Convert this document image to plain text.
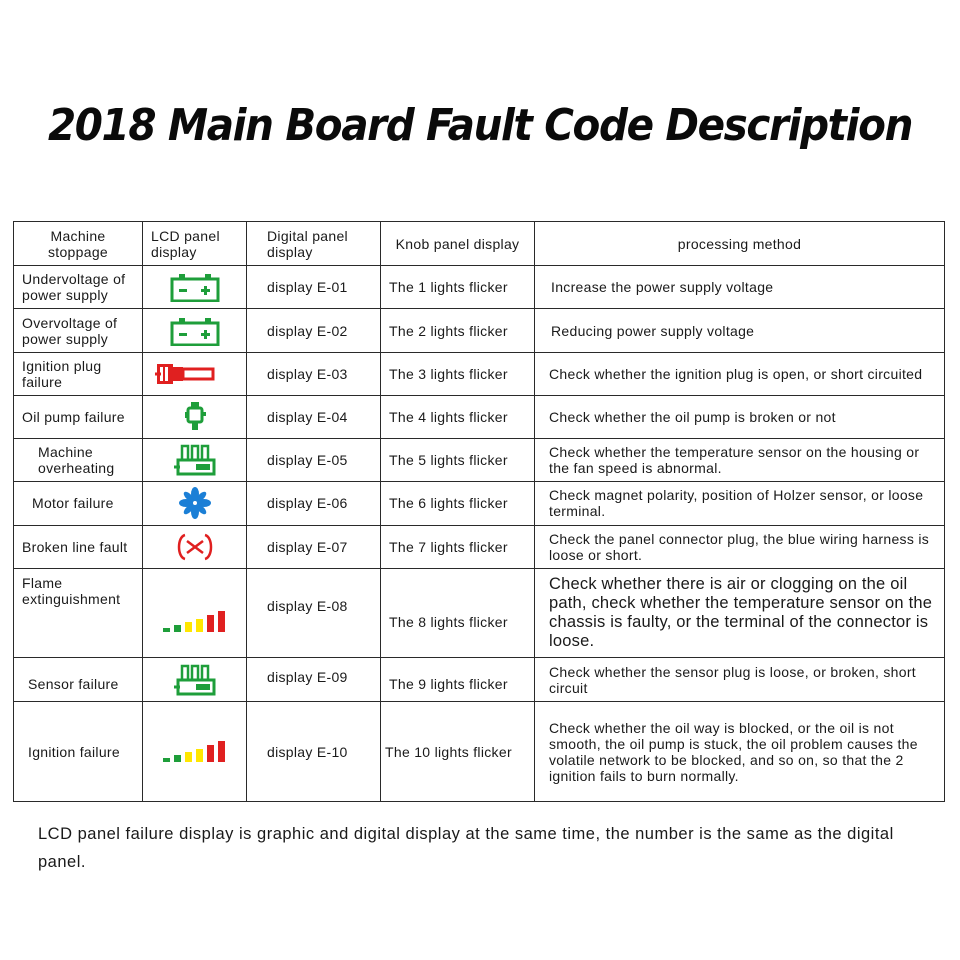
2018 Main Board Fault Code Description
Machine stoppage	LCD panel display	Digital panel display	Knob panel display	processing method
Undervoltage of power supply		display E-01	The 1 lights flicker	Increase the power supply voltage
Overvoltage of power supply		display E-02	The 2 lights flicker	Reducing power supply voltage
Ignition plug failure		display E-03	The 3 lights flicker	Check whether the ignition plug is open, or short circuited
Oil pump failure		display E-04	The 4 lights flicker	Check whether the oil pump is broken or not
Machine overheating		display E-05	The 5 lights flicker	Check whether the temperature sensor on the housing or the fan speed is abnormal.
Motor failure		display E-06	The 6 lights flicker	Check magnet polarity, position of Holzer sensor, or loose terminal.
Broken line fault		display E-07	The 7 lights flicker	Check the panel connector plug, the blue wiring harness is loose or short.
Flame extinguishment		display E-08	The 8 lights flicker	Check whether there is air or clogging on the oil path, check whether the temperature sensor on the chassis is faulty, or the terminal of the connector is loose.
Sensor failure		display E-09	The 9 lights flicker	Check whether the sensor plug is loose, or broken, short circuit
Ignition failure		display E-10	The 10 lights flicker	Check whether the oil way is blocked, or the oil is not smooth, the oil pump is stuck, the oil problem causes the volatile network to be blocked, and so on, so that the 2 ignition fails to burn normally.

LCD panel failure display is graphic and digital display at the same time, the number is the same as the digital panel.
